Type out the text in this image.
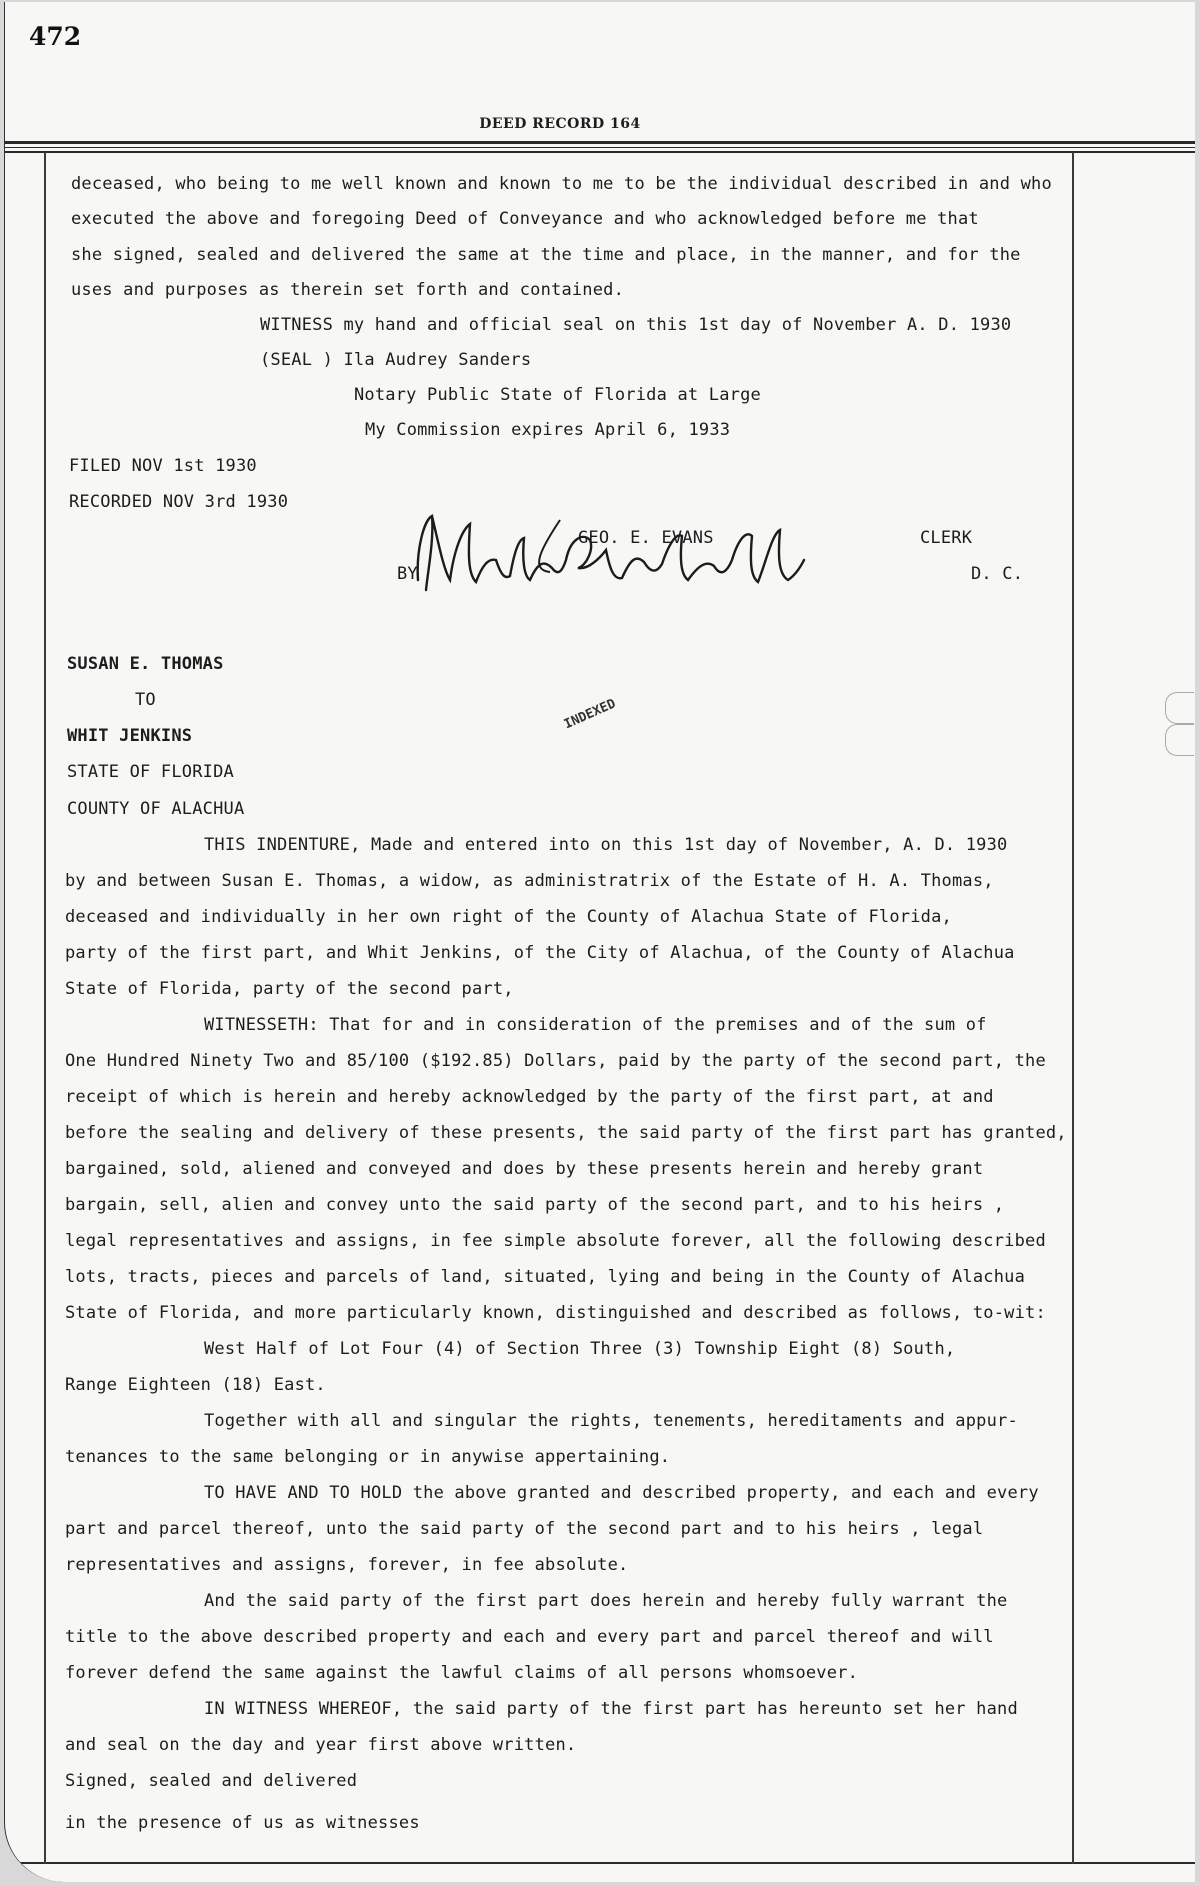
472
DEED RECORD 164
deceased, who being to me well known and known to me to be the individual described in and who
executed the above and foregoing Deed of Conveyance and who acknowledged before me that
she signed, sealed and delivered the same at the time and place, in the manner, and for the
uses and purposes as therein set forth and contained.
WITNESS my hand and official seal on this 1st day of November A. D. 1930
(SEAL ) Ila Audrey Sanders
Notary Public State of Florida at Large
My Commission expires April 6, 1933
FILED NOV 1st 1930
RECORDED NOV 3rd 1930
GEO. E. EVANS	CLERK
BY	D. C.
SUSAN E. THOMAS
TO
WHIT JENKINS
INDEXED
STATE OF FLORIDA
COUNTY OF ALACHUA
THIS INDENTURE, Made and entered into on this 1st day of November, A. D. 1930
by and between Susan E. Thomas, a widow, as administratrix of the Estate of H. A. Thomas,
deceased and individually in her own right of the County of Alachua State of Florida,
party of the first part, and Whit Jenkins, of the City of Alachua, of the County of Alachua
State of Florida, party of the second part,
WITNESSETH: That for and in consideration of the premises and of the sum of
One Hundred Ninety Two and 85/100 ($192.85) Dollars, paid by the party of the second part, the
receipt of which is herein and hereby acknowledged by the party of the first part, at and
before the sealing and delivery of these presents, the said party of the first part has granted,
bargained, sold, aliened and conveyed and does by these presents herein and hereby grant
bargain, sell, alien and convey unto the said party of the second part, and to his heirs ,
legal representatives and assigns, in fee simple absolute forever, all the following described
lots, tracts, pieces and parcels of land, situated, lying and being in the County of Alachua
State of Florida, and more particularly known, distinguished and described as follows, to-wit:
West Half of Lot Four (4) of Section Three (3) Township Eight (8) South,
Range Eighteen (18) East.
Together with all and singular the rights, tenements, hereditaments and appur-
tenances to the same belonging or in anywise appertaining.
TO HAVE AND TO HOLD the above granted and described property, and each and every
part and parcel thereof, unto the said party of the second part and to his heirs , legal
representatives and assigns, forever, in fee absolute.
And the said party of the first part does herein and hereby fully warrant the
title to the above described property and each and every part and parcel thereof and will
forever defend the same against the lawful claims of all persons whomsoever.
IN WITNESS WHEREOF, the said party of the first part has hereunto set her hand
and seal on the day and year first above written.
Signed, sealed and delivered
in the presence of us as witnesses
